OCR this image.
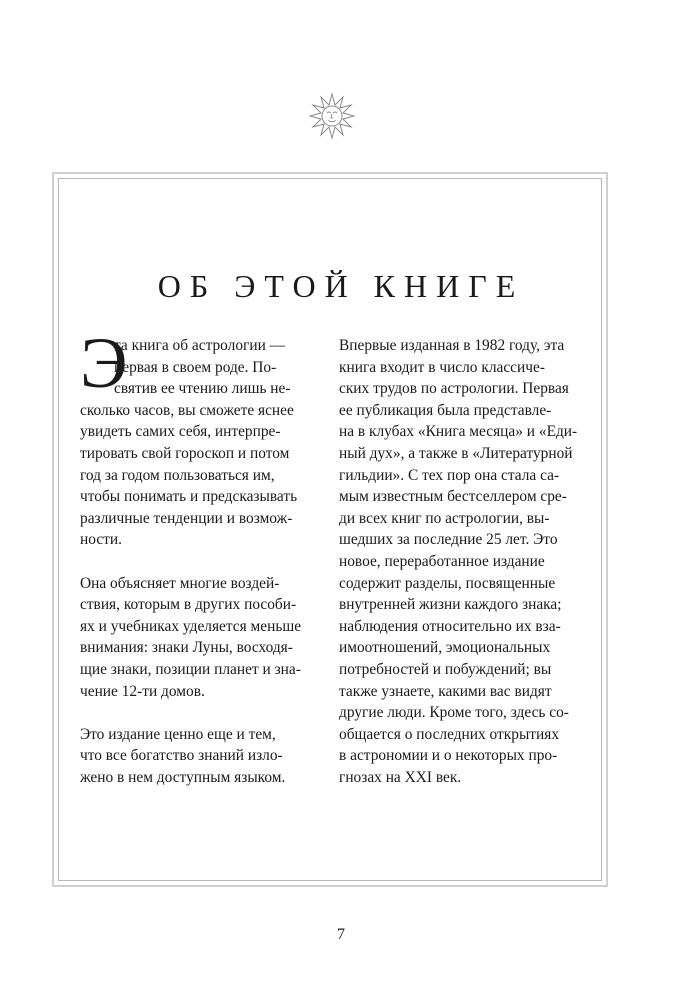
ОБ ЭТОЙ КНИГЕ
Э
та книга об астрологии —
первая в своем роде. По-
святив ее чтению лишь не-
сколько часов, вы сможете яснее
увидеть самих себя, интерпре-
тировать свой гороскоп и потом
год за годом пользоваться им,
чтобы понимать и предсказывать
различные тенденции и возмож-
ности.
Она объясняет многие воздей-
ствия, которым в других пособи-
ях и учебниках уделяется меньше
внимания: знаки Луны, восходя-
щие знаки, позиции планет и зна-
чение 12-ти домов.
Это издание ценно еще и тем,
что все богатство знаний изло-
жено в нем доступным языком.
Впервые изданная в 1982 году, эта
книга входит в число классиче-
ских трудов по астрологии. Первая
ее публикация была представле-
на в клубах «Книга месяца» и «Еди-
ный дух», а также в «Литературной
гильдии». С тех пор она стала са-
мым известным бестселлером сре-
ди всех книг по астрологии, вы-
шедших за последние 25 лет. Это
новое, переработанное издание
содержит разделы, посвященные
внутренней жизни каждого знака;
наблюдения относительно их вза-
имоотношений, эмоциональных
потребностей и побуждений; вы
также узнаете, какими вас видят
другие люди. Кроме того, здесь со-
общается о последних открытиях
в астрономии и о некоторых про-
гнозах на XXI век.
7
